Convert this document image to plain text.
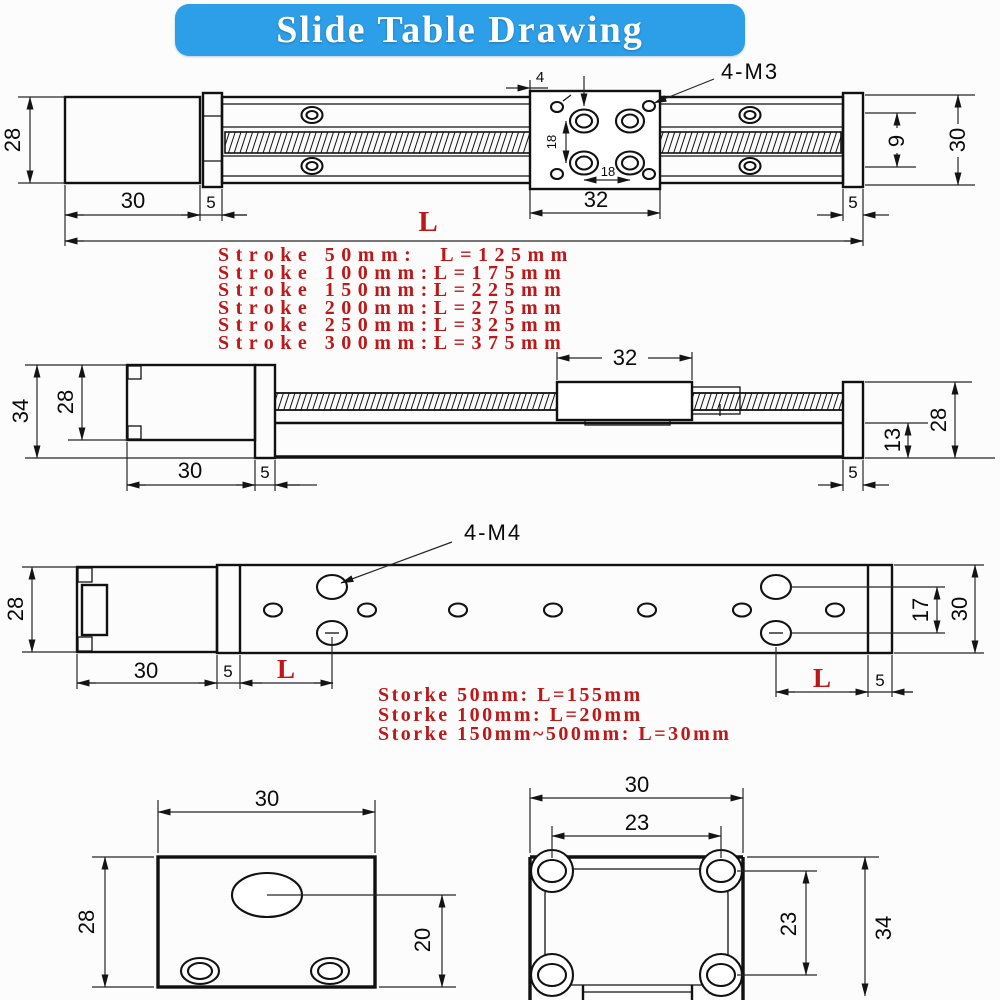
28
30	5
L
32	5
4
18
18
4-M3
9 30
34 28
30	5
32
13
28
5
4-M4
28
30	5 L	L	5
17 30
30
28
20
30
23
23	34
Slide Table Drawing
Stroke 50mm:  L=125mm
Stroke 100mm:L=175mm
Stroke 150mm:L=225mm
Stroke 200mm:L=275mm
Stroke 250mm:L=325mm
Stroke 300mm:L=375mm
Storke 50mm: L=155mm
Storke 100mm: L=20mm
Storke 150mm~500mm: L=30mm
